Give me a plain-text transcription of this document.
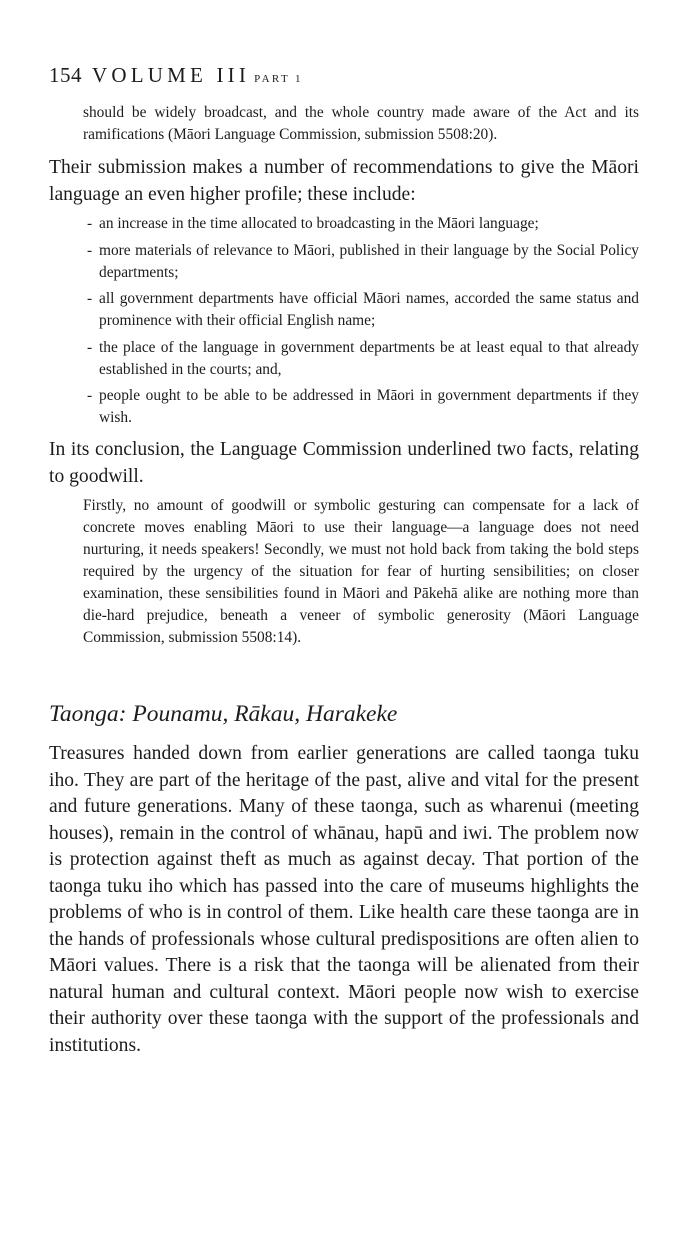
154 VOLUME III PART 1
should be widely broadcast, and the whole country made aware of the Act and its ramifications (Māori Language Commission, submission 5508:20).

Their submission makes a number of recommendations to give the Māori language an even higher profile; these include:

- an increase in the time allocated to broadcasting in the Māori language;
- more materials of relevance to Māori, published in their language by the Social Policy departments;
- all government departments have official Māori names, accorded the same status and prominence with their official English name;
- the place of the language in government departments be at least equal to that already established in the courts; and,
- people ought to be able to be addressed in Māori in government departments if they wish.

In its conclusion, the Language Commission underlined two facts, relating to goodwill.

Firstly, no amount of goodwill or symbolic gesturing can compensate for a lack of concrete moves enabling Māori to use their language—a language does not need nurturing, it needs speakers! Secondly, we must not hold back from taking the bold steps required by the urgency of the situation for fear of hurting sensibilities; on closer examination, these sensibilities found in Māori and Pākehā alike are nothing more than die-hard prejudice, beneath a veneer of symbolic generosity (Māori Language Commission, submission 5508:14).
Taonga: Pounamu, Rākau, Harakeke

Treasures handed down from earlier generations are called taonga tuku iho. They are part of the heritage of the past, alive and vital for the present and future generations. Many of these taonga, such as wharenui (meeting houses), remain in the control of whānau, hapū and iwi. The problem now is protection against theft as much as against decay. That portion of the taonga tuku iho which has passed into the care of museums highlights the problems of who is in control of them. Like health care these taonga are in the hands of professionals whose cultural predispositions are often alien to Māori values. There is a risk that the taonga will be alienated from their natural human and cultural context. Māori people now wish to exercise their authority over these taonga with the support of the professionals and institutions.
